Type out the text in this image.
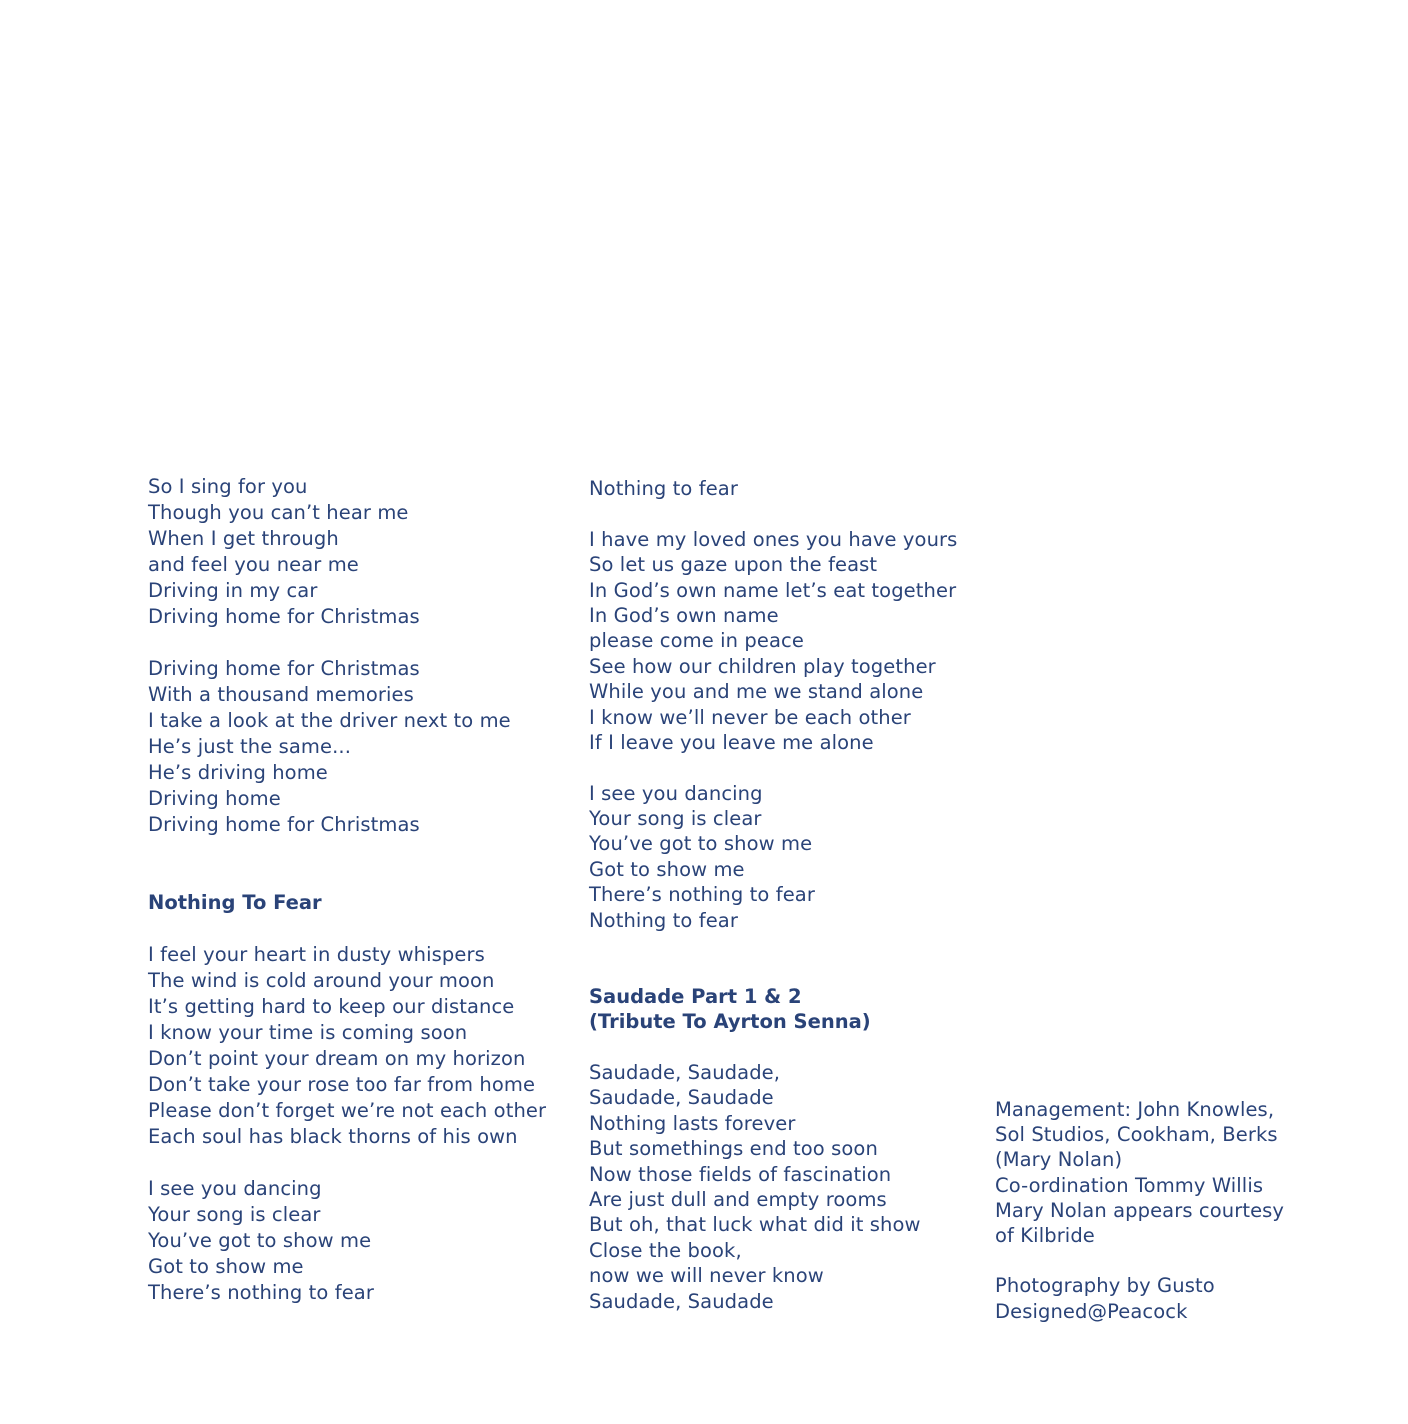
So I sing for you
Though you can’t hear me
When I get through
and feel you near me
Driving in my car
Driving home for Christmas
Driving home for Christmas
With a thousand memories
I take a look at the driver next to me
He’s just the same...
He’s driving home
Driving home
Driving home for Christmas
Nothing To Fear
I feel your heart in dusty whispers
The wind is cold around your moon
It’s getting hard to keep our distance
I know your time is coming soon
Don’t point your dream on my horizon
Don’t take your rose too far from home
Please don’t forget we’re not each other
Each soul has black thorns of his own
I see you dancing
Your song is clear
You’ve got to show me
Got to show me
There’s nothing to fear
Nothing to fear
I have my loved ones you have yours
So let us gaze upon the feast
In God’s own name let’s eat together
In God’s own name
please come in peace
See how our children play together
While you and me we stand alone
I know we’ll never be each other
If I leave you leave me alone
I see you dancing
Your song is clear
You’ve got to show me
Got to show me
There’s nothing to fear
Nothing to fear
Saudade Part 1 & 2
(Tribute To Ayrton Senna)
Saudade, Saudade,
Saudade, Saudade
Nothing lasts forever
But somethings end too soon
Now those fields of fascination
Are just dull and empty rooms
But oh, that luck what did it show
Close the book,
now we will never know
Saudade, Saudade
Management: John Knowles,
Sol Studios, Cookham, Berks
(Mary Nolan)
Co-ordination Tommy Willis
Mary Nolan appears courtesy
of Kilbride
Photography by Gusto
Designed@Peacock
